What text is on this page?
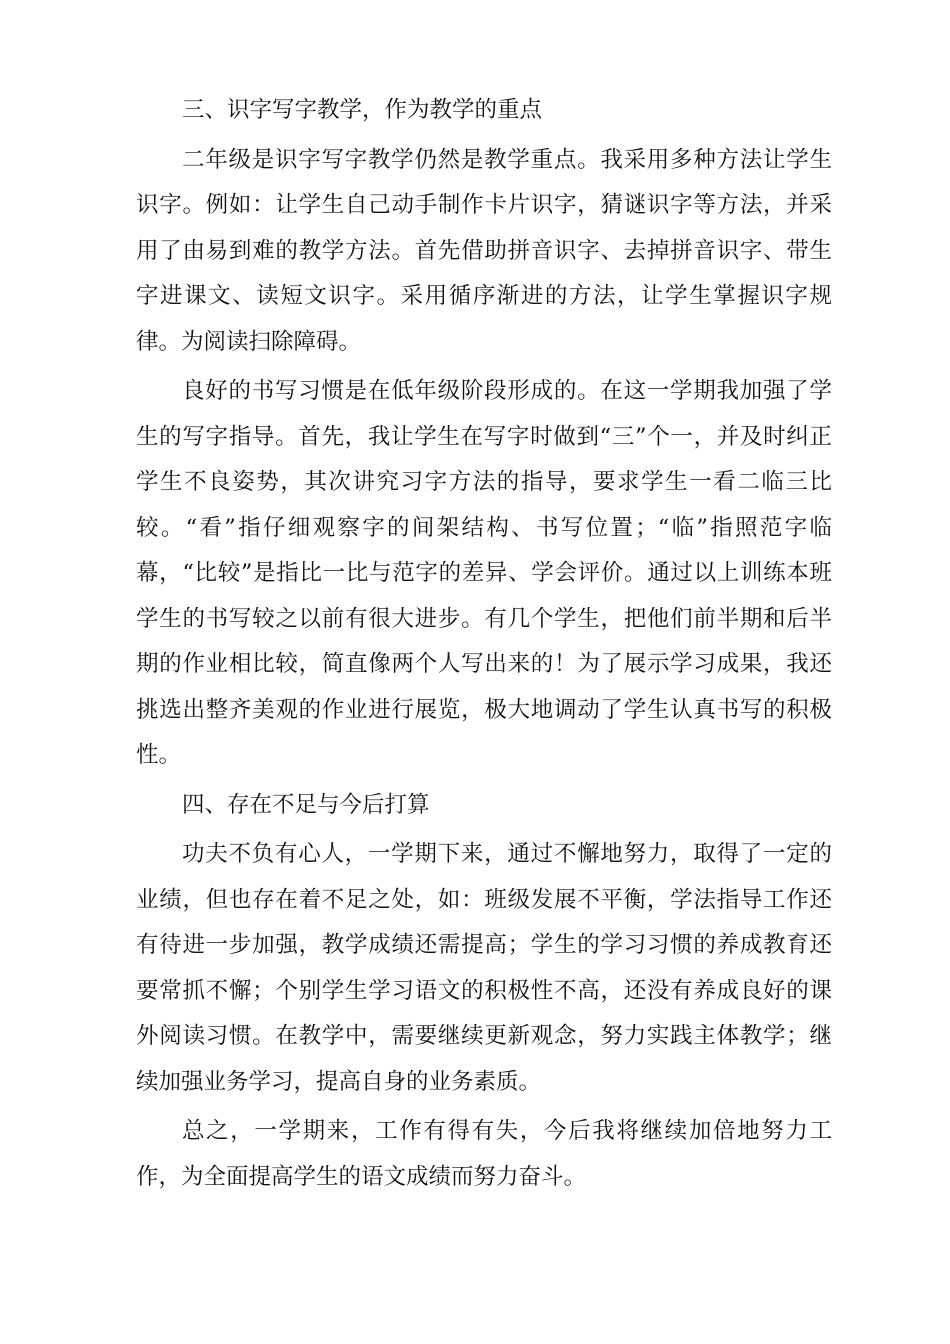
三、识字写字教学，作为教学的重点

二年级是识字写字教学仍然是教学重点。我采用多种方法让学生识字。例如：让学生自己动手制作卡片识字，猜谜识字等方法，并采用了由易到难的教学方法。首先借助拼音识字、去掉拼音识字、带生字进课文、读短文识字。采用循序渐进的方法，让学生掌握识字规律。为阅读扫除障碍。

良好的书写习惯是在低年级阶段形成的。在这一学期我加强了学生的写字指导。首先，我让学生在写字时做到“三”个一，并及时纠正学生不良姿势，其次讲究习字方法的指导，要求学生一看二临三比较。“看”指仔细观察字的间架结构、书写位置；“临”指照范字临幕，“比较”是指比一比与范字的差异、学会评价。通过以上训练本班学生的书写较之以前有很大进步。有几个学生，把他们前半期和后半期的作业相比较，简直像两个人写出来的！为了展示学习成果，我还挑选出整齐美观的作业进行展览，极大地调动了学生认真书写的积极性。

四、存在不足与今后打算

功夫不负有心人，一学期下来，通过不懈地努力，取得了一定的业绩，但也存在着不足之处，如：班级发展不平衡，学法指导工作还有待进一步加强，教学成绩还需提高；学生的学习习惯的养成教育还要常抓不懈；个别学生学习语文的积极性不高，还没有养成良好的课外阅读习惯。在教学中，需要继续更新观念，努力实践主体教学；继续加强业务学习，提高自身的业务素质。

总之，一学期来，工作有得有失，今后我将继续加倍地努力工作，为全面提高学生的语文成绩而努力奋斗。
